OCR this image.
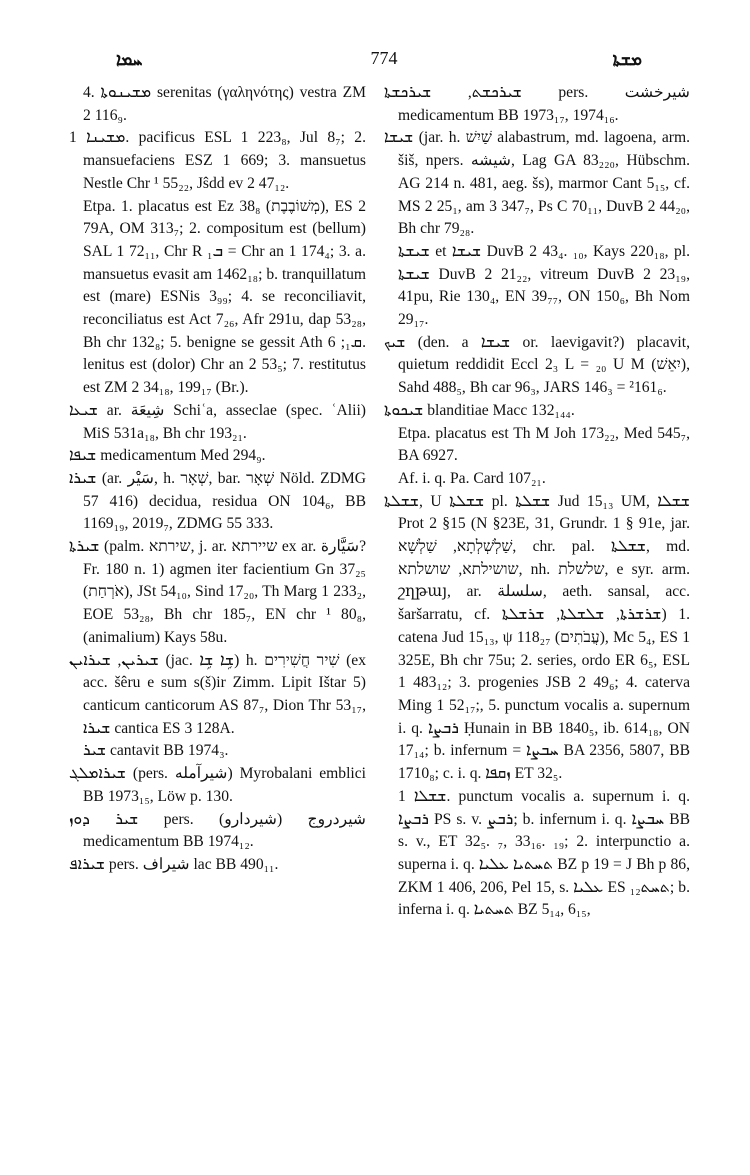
ܚܡܐ	774	ܡܫܬܐ

4. ܡܫܝܢܘܬܐ serenitas (γαληνότης) vestra ZM 2 116₉.

ܡܫܝܢܐ 1. pacificus ESL 1 223₈, Jul 8₇; 2. mansuefaciens ESZ 1 669; 3. mansuetus Nestle Chr ¹ 55₂₂, Jŝdd ev 2 47₁₂.

Etpa. 1. placatus est Ez 38₈ (מְשׁוֹבֶבֶת), ES 2 79A, OM 313₇; 2. compositum est (bellum) SAL 1 72₁₁, Chr R ܒ₁ = Chr an 1 174₄; 3. a. mansuetus evasit am 1462₁₈; b. tranquillatum est (mare) ESNis 3₉₉; 4. se reconciliavit, reconciliatus est Act 7₂₆, Afr 291u, dap 53₂₈, Bh chr 132₈; 5. benigne se gessit Ath ܩ₁; 6. lenitus est (dolor) Chr an 2 53₅; 7. restitutus est ZM 2 34₁₈, 199₁₇ (Br.).

ܫܝܥܐ ar. شِيعَة Schiʿa, asseclae (spec. ʿAlii) MiS 531a₁₈, Bh chr 193₂₁.

ܫܝܦܐ medicamentum Med 294₉.

ܫܝܪܐ (ar. سَيْر, h. שְׁאָר, bar. שְׁאָר Nöld. ZDMG 57 416) decidua, residua ON 104₆, BB 1169₁₉, 2019₇, ZDMG 55 333.

ܫܝܪܬܐ (palm. שירתא, j. ar. שיירתא ex ar. سَيَّارة? Fr. 180 n. 1) agmen iter facientium Gn 37₂₅ (אֹרְחַת), JSt 54₁₀, Sind 17₂₀, Th Marg 1 233₂, EOE 53₂₈, Bh chr 185₇, EN chr ¹ 80₈, (animalium) Kays 58u.

ܫܝܪܝܢ, ܫܝܪܐܝܢ (jac. ܫܹܐ ܫܹܐ) h. שִׁיר חֲשִׁירִים (ex acc. šêru e sum s(š)ir Zimm. Lipit Ištar 5) canticum canticorum AS 87₇, Dion Thr 53₁₇, ܫܝܪܐ cantica ES 3 128A.

ܫܝܪ cantavit BB 1974₃.

ܫܝܪܐܡܠܓ (pers. شیرآمله) Myrobalani emblici BB 1973₁₅, Löw p. 130.

ܫܝܪ ܕܘܙ pers. (شیردارو) شیردروج medicamentum BB 1974₁₂.

ܫܝܪܐܦ pers. شیراف lac BB 490₁₁.

ܫܝܪܟܫܬ, ܫܝܪܟܫܬܐ pers. شیرخشت medicamentum BB 1973₁₇, 1974₁₆.

ܫܝܫܐ (jar. h. שַׁיִשׁ alabastrum, md. lagoena, arm. šiš, npers. شیشه, Lag GA 83₂₂₀, Hübschm. AG 214 n. 481, aeg. šs), marmor Cant 5₁₅, cf. MS 2 25₁, am 3 347₇, Ps C 70₁₁, DuvB 2 44₂₀, Bh chr 79₂₈.

ܫܝܫܬܐ et ܫܝܫܐ DuvB 2 43₄. ₁₀, Kays 220₁₈, pl. ܫܝܫܬܐ DuvB 2 21₂₂, vitreum DuvB 2 23₁₉, 41pu, Rie 130₄, EN 39₇₇, ON 150₆, Bh Nom 29₁₇.

ܫܝܟ (den. a ܫܝܫܐ or. laevigavit?) placavit, quietum reddidit Eccl 2₃ L = ₂₀ U M (יִאֵשׁ), Sahd 488₅, Bh car 96₃, JARS 146₃ = ²161₆.

ܫܝܟܘܬܐ blanditiae Macc 132₁₄₄.

Etpa. placatus est Th M Joh 173₂₂, Med 545₇, BA 6927.

Af. i. q. Pa. Card 107₂₁.

ܫܫܠܬܐ, U ܫܫܠܬܐ pl. ܫܫܠܬܐ Jud 15₁₃ UM, ܫܫܠܐ Prot 2 §15 (N §23E, 31, Grundr. 1 § 91e, jar. שַׁלְשְׁלְתָא, שַׁלְשָׁא, chr. pal. ܫܫܠܬܐ, md. שושילתא, שושלתא, nh. שלשלת, e syr. arm. շղթայ, ar. سلسلة, aeth. sansal, acc. šaršarratu, cf. ܫܪܫܪܬܐ, ܫܠܫܠܬܐ, ܫܪܫܠܬܐ) 1. catena Jud 15₁₃, ψ 118₂₇ (עֲבֹתִים), Mc 5₄, ES 1 325E, Bh chr 75u; 2. series, ordo ER 6₅, ESL 1 483₁₂; 3. progenies JSB 2 49₆; 4. caterva Ming 1 52₁₇;, 5. punctum vocalis a. supernum i. q. ܪܒܨܐ Ḥunain in BB 1840₅, ib. 614₁₈, ON 17₁₄; b. infernum = ܚܒܨܐ BA 2356, 5807, BB 1710₈; c. i. q. ܙܩܦܐ ET 32₅.

ܫܫܠܐ 1. punctum vocalis a. supernum i. q. ܪܒܨܐ PS s. v. ܪܒܨ; b. infernum i. q. ܚܒܨܐ BB s. v., ET 32₅. ₇, 33₁₆. ₁₉; 2. interpunctio a. superna i. q. ܬܚܬܝܐ ܥܠܝܐ BZ p 19 = J Bh p 86, ZKM 1 406, 206, Pel 15, s. ܥܠܝܐ ES ܬܚܬ₁₂; b. inferna i. q. ܬܚܬܝܐ BZ 5₁₄, 6₁₅,
